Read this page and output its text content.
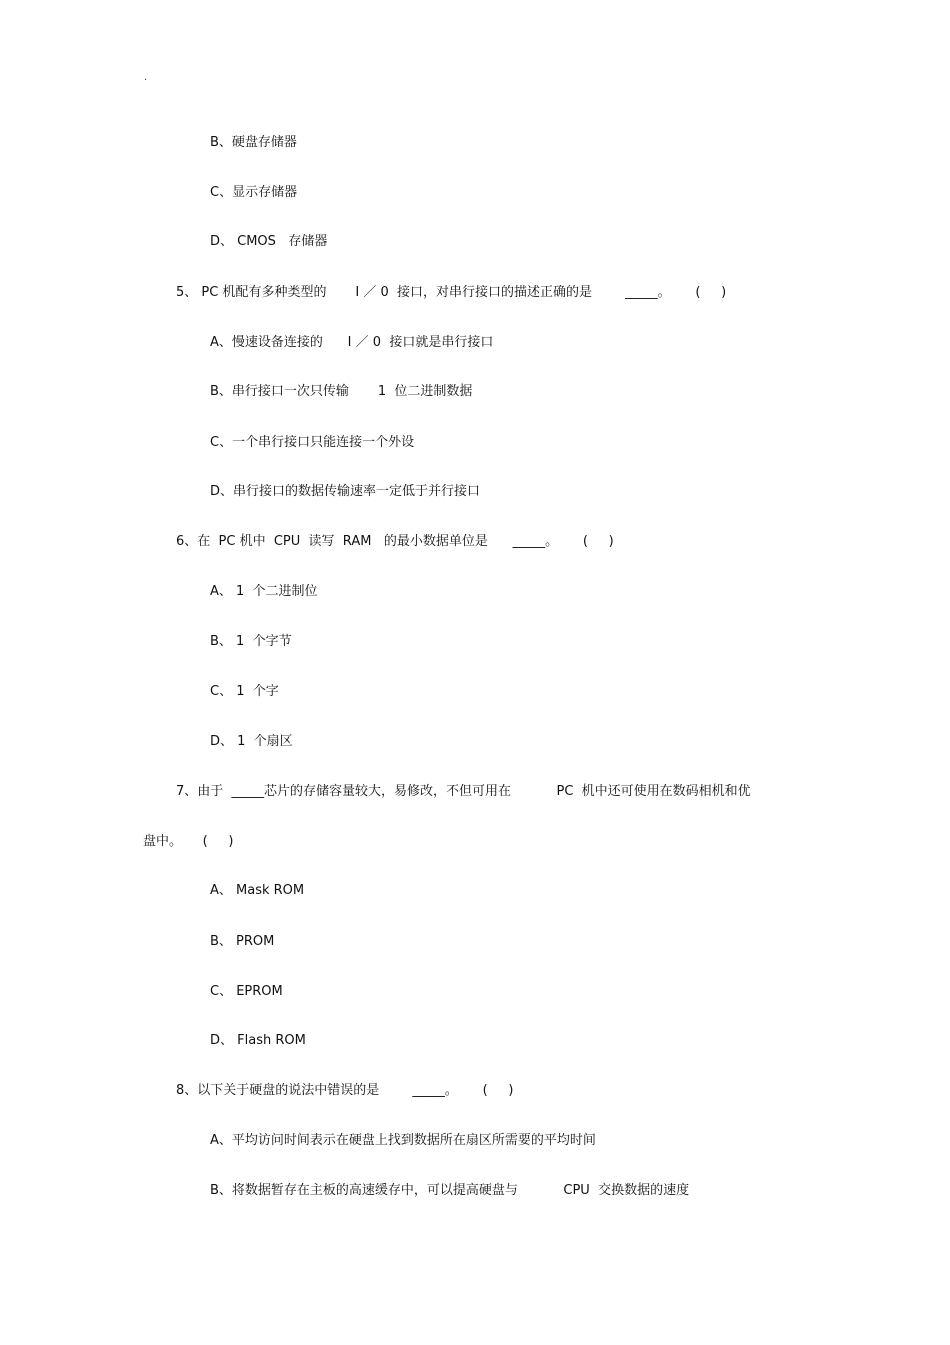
.
B、硬盘存储器
C、显示存储器
D、 CMOS   存储器
5、 PC 机配有多种类型的       I ／ 0  接口，对串行接口的描述正确的是        _____。      (     )
A、慢速设备连接的      I ／ 0  接口就是串行接口
B、串行接口一次只传输       1  位二进制数据
C、一个串行接口只能连接一个外设
D、串行接口的数据传输速率一定低于并行接口
6、在  PC 机中  CPU  读写  RAM   的最小数据单位是      _____。      (     )
A、 1  个二进制位
B、 1  个字节
C、 1  个字
D、 1  个扇区
7、由于  _____芯片的存储容量较大，易修改，不但可用在           PC  机中还可使用在数码相机和优
盘中。     (     )
A、 Mask ROM
B、 PROM
C、 EPROM
D、 Flash ROM
8、以下关于硬盘的说法中错误的是        _____。      (     )
A、平均访问时间表示在硬盘上找到数据所在扇区所需要的平均时间
B、将数据暂存在主板的高速缓存中，可以提高硬盘与           CPU  交换数据的速度
